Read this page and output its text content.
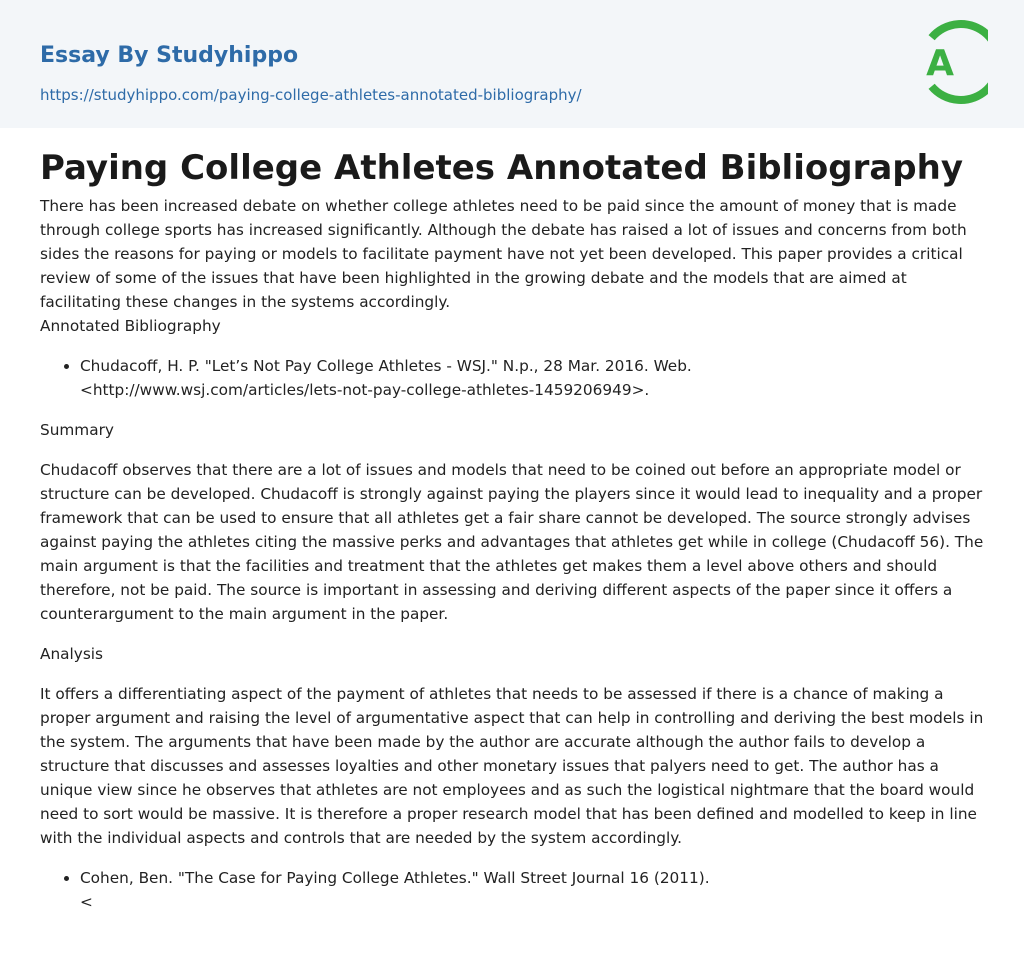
Essay By Studyhippo
https://studyhippo.com/paying-college-athletes-annotated-bibliography/
A
Paying College Athletes Annotated Bibliography

There has been increased debate on whether college athletes need to be paid since the amount of money that is made through college sports has increased significantly. Although the debate has raised a lot of issues and concerns from both sides the reasons for paying or models to facilitate payment have not yet been developed. This paper provides a critical review of some of the issues that have been highlighted in the growing debate and the models that are aimed at facilitating these changes in the systems accordingly.

Annotated Bibliography

• Chudacoff, H. P. "Let’s Not Pay College Athletes - WSJ." N.p., 28 Mar. 2016. Web.
<http://www.wsj.com/articles/lets-not-pay-college-athletes-1459206949>.

Summary

Chudacoff observes that there are a lot of issues and models that need to be coined out before an appropriate model or structure can be developed. Chudacoff is strongly against paying the players since it would lead to inequality and a proper framework that can be used to ensure that all athletes get a fair share cannot be developed. The source strongly advises against paying the athletes citing the massive perks and advantages that athletes get while in college (Chudacoff 56). The main argument is that the facilities and treatment that the athletes get makes them a level above others and should therefore, not be paid. The source is important in assessing and deriving different aspects of the paper since it offers a counterargument to the main argument in the paper.

Analysis

It offers a differentiating aspect of the payment of athletes that needs to be assessed if there is a chance of making a proper argument and raising the level of argumentative aspect that can help in controlling and deriving the best models in the system. The arguments that have been made by the author are accurate although the author fails to develop a structure that discusses and assesses loyalties and other monetary issues that palyers need to get. The author has a unique view since he observes that athletes are not employees and as such the logistical nightmare that the board would need to sort would be massive. It is therefore a proper research model that has been defined and modelled to keep in line with the individual aspects and controls that are needed by the system accordingly.

• Cohen, Ben. "The Case for Paying College Athletes." Wall Street Journal 16 (2011).
<
